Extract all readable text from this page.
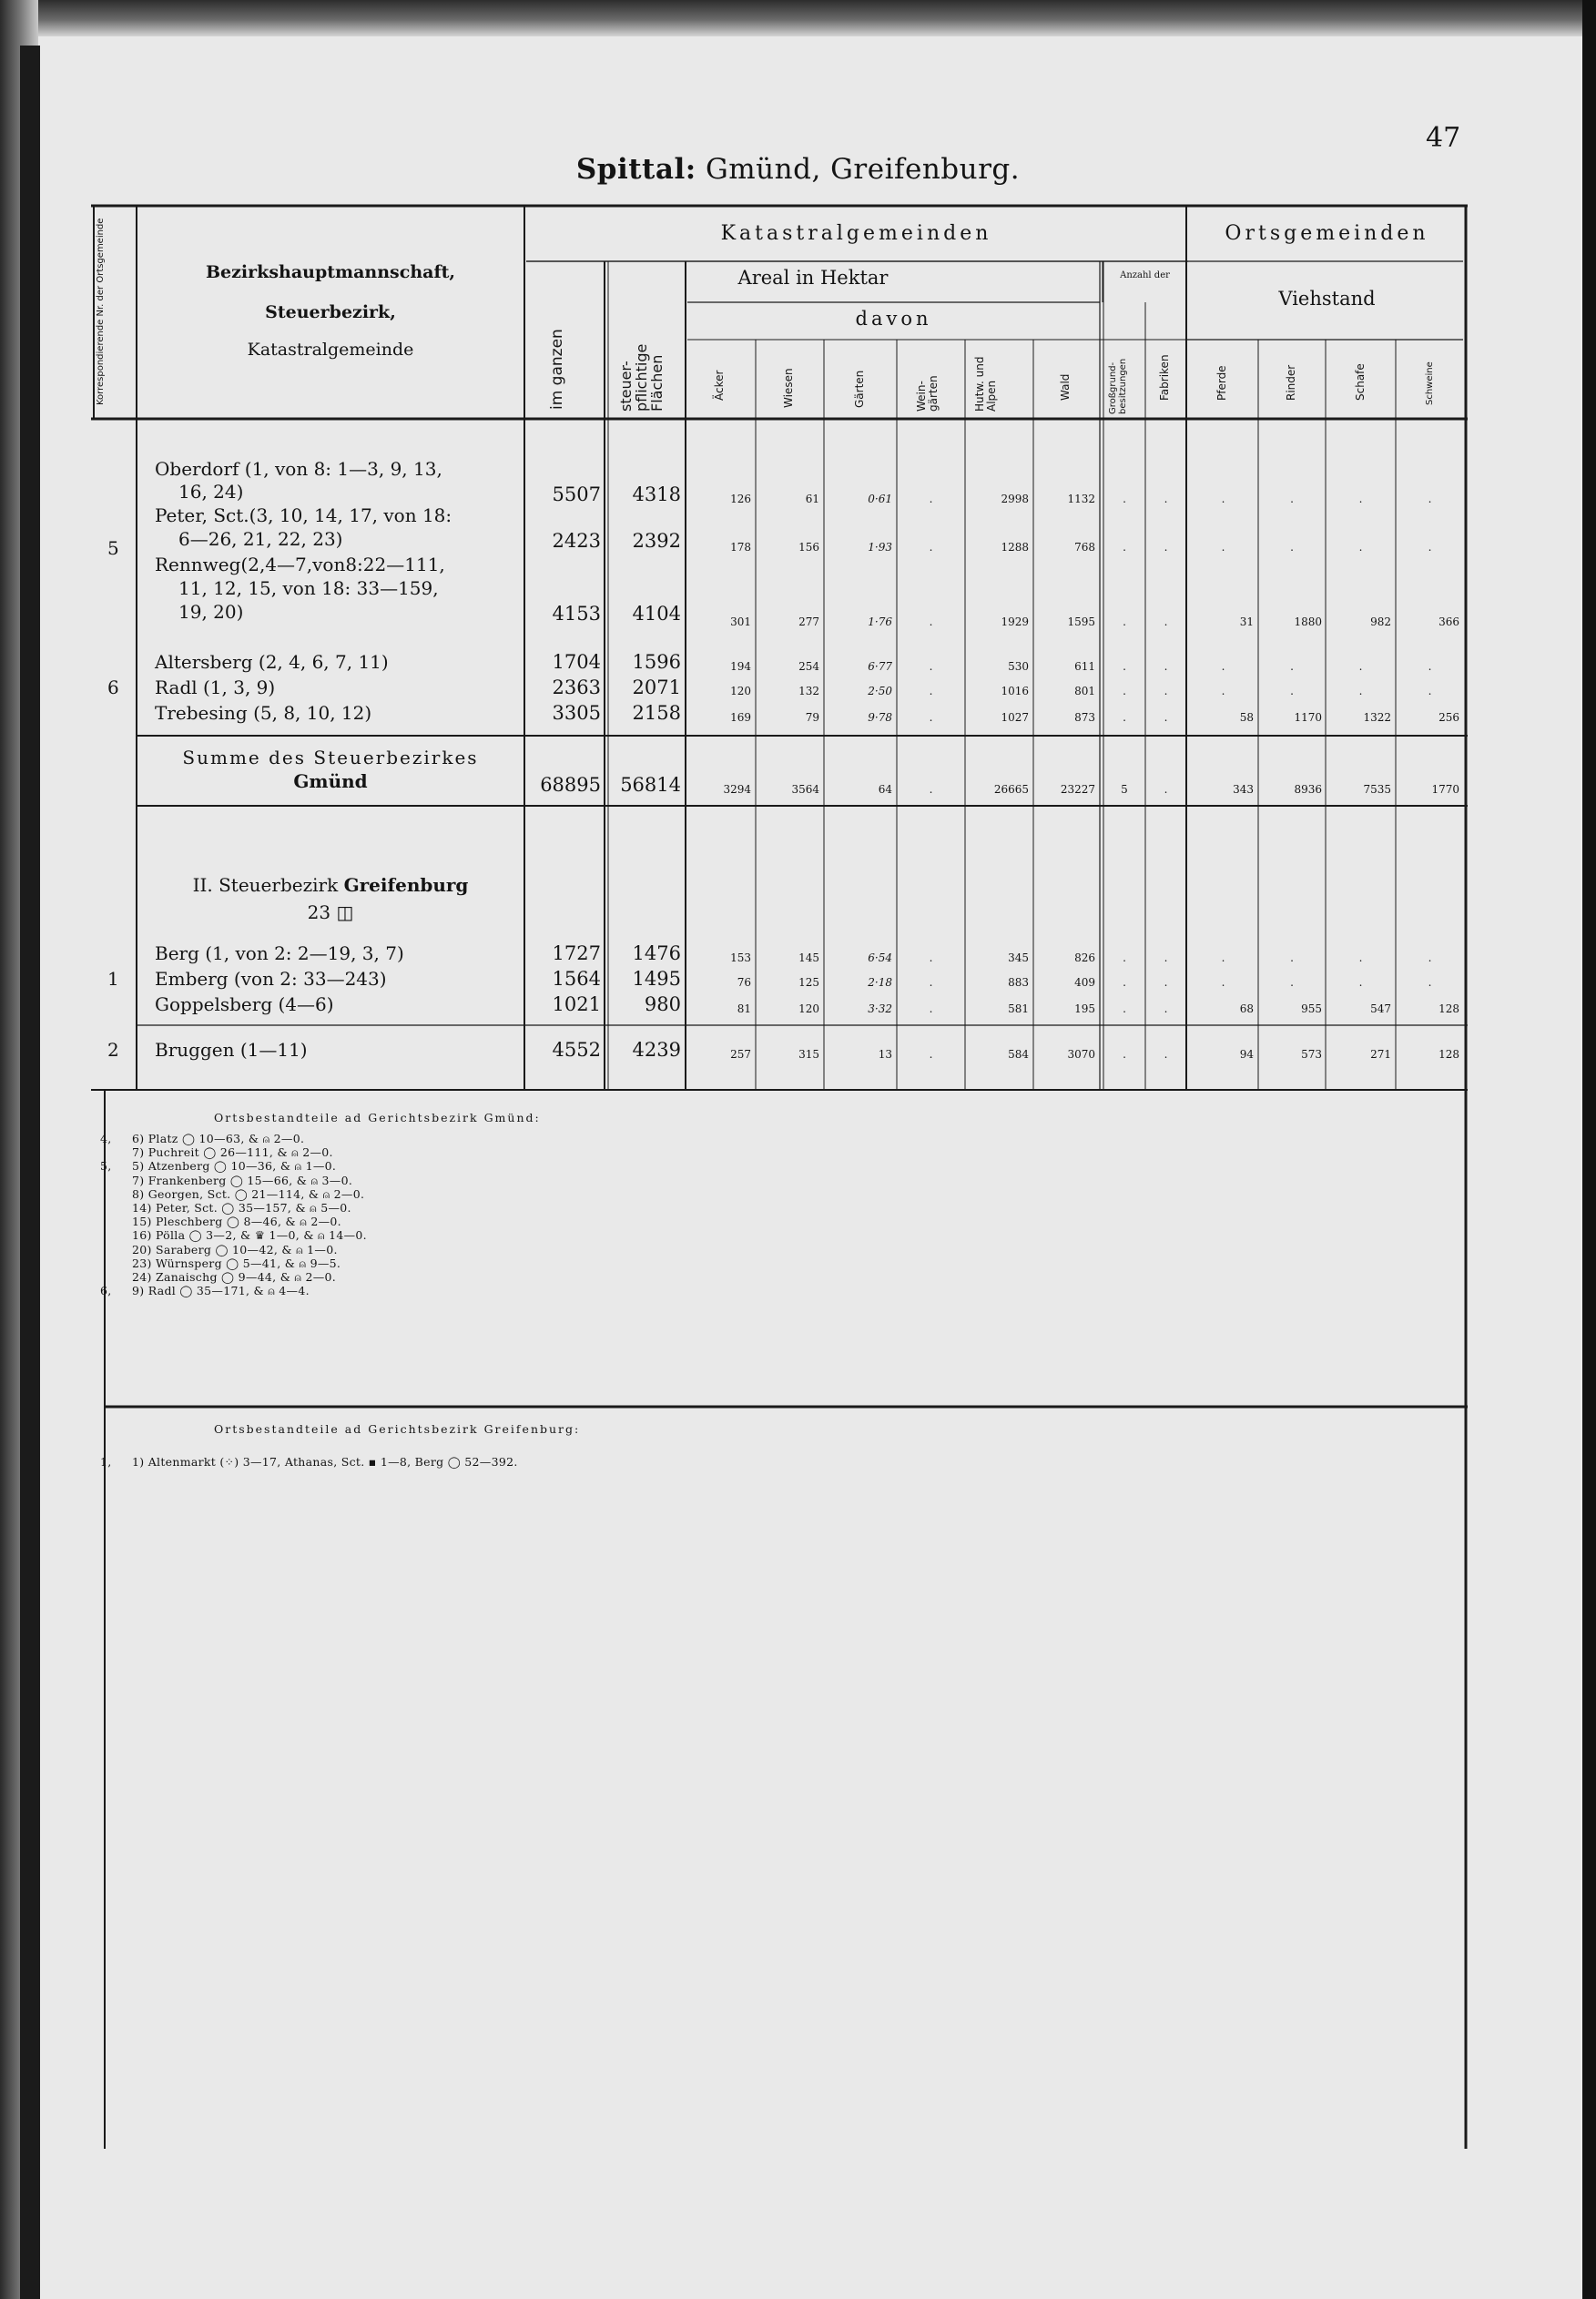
47
Spittal: Gmünd, Greifenburg.
Korrespondierende Nr. der Ortsgemeinde	Bezirkshauptmannschaft,
Steuerbezirk,
Katastralgemeinde
Katastralgemeinden	Ortsgemeinden
Areal in Hektar	Anzahl der
Viehstand
davon
im ganzen	steuer-pflichtige Flächen	Äcker	Wiesen	Gärten	Wein-gärten	Hutw. und Alpen	Wald	Großgrund-besitzungen	Fabriken	Pferde	Rinder	Schafe	Schweine
Oberdorf (1, von 8: 1—3, 9, 13,
16, 24)	5507	4318	126	61	0·61	.	2998	1132	.	.	.	.	.	.
5
Peter, Sct.(3, 10, 14, 17, von 18:
6—26, 21, 22, 23)	2423	2392	178	156	1·93	.	1288	768	.	.	.	.	.	.
Rennweg(2,4—7,von8:22—111,
11, 12, 15, von 18: 33—159,
19, 20)	4153	4104	301	277	1·76	.	1929	1595	.	.	31	1880	982	366
Altersberg (2, 4, 6, 7, 11)	1704	1596	194	254	6·77	.	530	611	.	.	.	.	.	.
6 Radl (1, 3, 9)	2363	2071	120	132	2·50	.	1016	801	.	.	.	.	.	.
Trebesing (5, 8, 10, 12)	3305	2158	169	79	9·78	.	1027	873	.	.	58	1170	1322	256
Summe des Steuerbezirkes
Gmünd	68895	56814	3294	3564	64	.	26665	23227	5	.	343	8936	7535	1770
II. Steuerbezirk Greifenburg
23 ◫
Berg (1, von 2: 2—19, 3, 7)	1727	1476	153	145	6·54	.	345	826	.	.	.	.	.	.
1 Emberg (von 2: 33—243)	1564	1495	76	125	2·18	.	883	409	.	.	.	.	.	.
Goppelsberg (4—6)	1021	980	81	120	3·32	.	581	195	.	.	68	955	547	128
2 Bruggen (1—11)	4552	4239	257	315	13	.	584	3070	.	.	94	573	271	128
Ortsbestandteile ad Gerichtsbezirk Gmünd:
4, 6) Platz ◯ 10—63, & ⍝ 2—0.
7) Puchreit ◯ 26—111, & ⍝ 2—0.
5, 5) Atzenberg ◯ 10—36, & ⍝ 1—0.
7) Frankenberg ◯ 15—66, & ⍝ 3—0.
8) Georgen, Sct. ◯ 21—114, & ⍝ 2—0.
14) Peter, Sct. ◯ 35—157, & ⍝ 5—0.
15) Pleschberg ◯ 8—46, & ⍝ 2—0.
16) Pölla ◯ 3—2, & ♛ 1—0, & ⍝ 14—0.
20) Saraberg ◯ 10—42, & ⍝ 1—0.
23) Würnsperg ◯ 5—41, & ⍝ 9—5.
24) Zanaischg ◯ 9—44, & ⍝ 2—0.
6, 9) Radl ◯ 35—171, & ⍝ 4—4.
Ortsbestandteile ad Gerichtsbezirk Greifenburg:
1, 1) Altenmarkt (⁘) 3—17, Athanas, Sct. ▪ 1—8, Berg ◯ 52—392.
